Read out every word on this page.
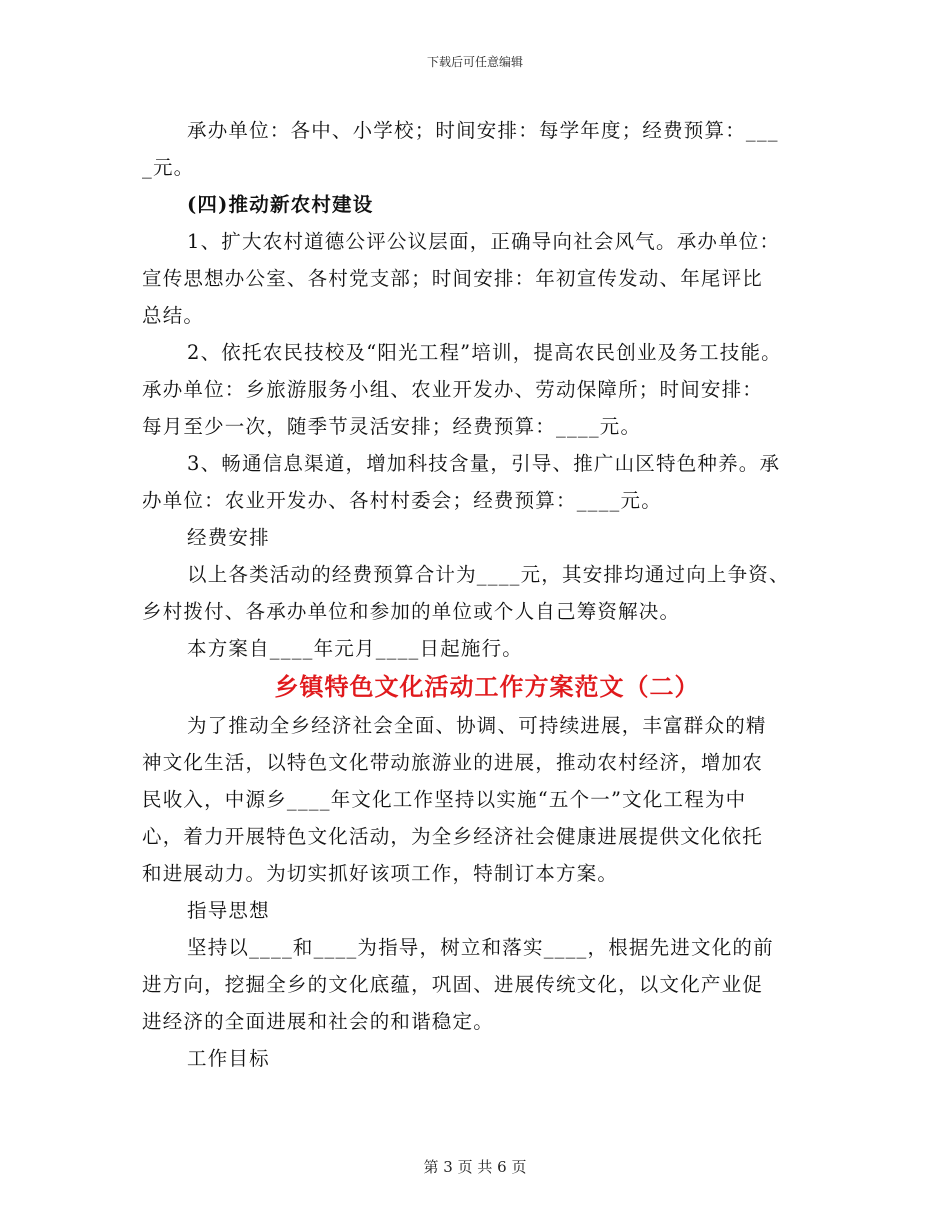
下载后可任意编辑
承办单位：各中、小学校；时间安排：每学年度；经费预算：___
_元。
(四)推动新农村建设
1、扩大农村道德公评公议层面，正确导向社会风气。承办单位：
宣传思想办公室、各村党支部；时间安排：年初宣传发动、年尾评比
总结。
2、依托农民技校及“阳光工程”培训，提高农民创业及务工技能。
承办单位：乡旅游服务小组、农业开发办、劳动保障所；时间安排：
每月至少一次，随季节灵活安排；经费预算：____元。
3、畅通信息渠道，增加科技含量，引导、推广山区特色种养。承
办单位：农业开发办、各村村委会；经费预算：____元。
经费安排
以上各类活动的经费预算合计为____元，其安排均通过向上争资、
乡村拨付、各承办单位和参加的单位或个人自己筹资解决。
本方案自____年元月____日起施行。
乡镇特色文化活动工作方案范文（二）
为了推动全乡经济社会全面、协调、可持续进展，丰富群众的精
神文化生活，以特色文化带动旅游业的进展，推动农村经济，增加农
民收入，中源乡____年文化工作坚持以实施“五个一”文化工程为中
心，着力开展特色文化活动，为全乡经济社会健康进展提供文化依托
和进展动力。为切实抓好该项工作，特制订本方案。
指导思想
坚持以____和____为指导，树立和落实____，根据先进文化的前
进方向，挖掘全乡的文化底蕴，巩固、进展传统文化，以文化产业促
进经济的全面进展和社会的和谐稳定。
工作目标
第 3 页 共 6 页
